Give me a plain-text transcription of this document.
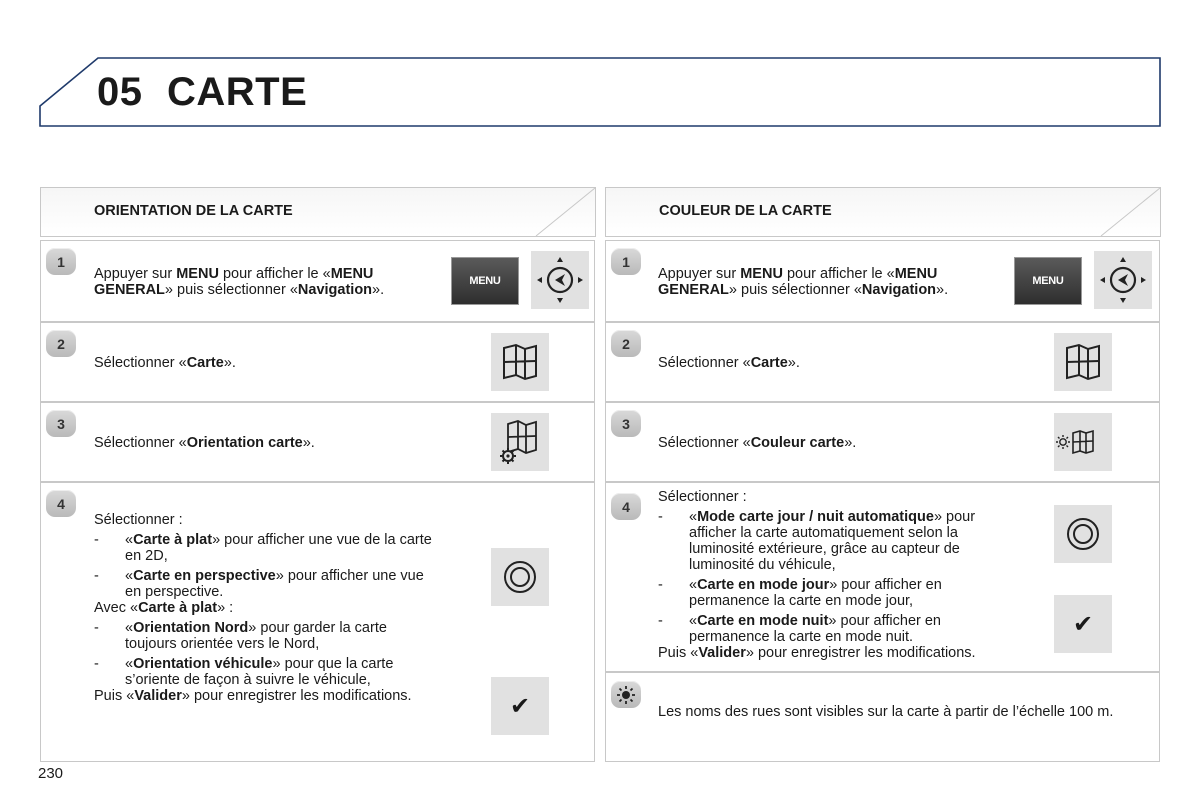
05 CARTE
ORIENTATION DE LA CARTE
1
Appuyer sur MENU pour afficher le «MENU GENERAL» puis sélectionner «Navigation».
MENU
2
Sélectionner «Carte».
3
Sélectionner «Orientation carte».
4
Sélectionner :
- «Carte à plat» pour afficher une vue de la carte en 2D,
- «Carte en perspective» pour afficher une vue en perspective.
Avec «Carte à plat» :
- «Orientation Nord» pour garder la carte toujours orientée vers le Nord,
- «Orientation véhicule» pour que la carte s’oriente de façon à suivre le véhicule,
Puis «Valider» pour enregistrer les modifications.	✔
COULEUR DE LA CARTE
1
Appuyer sur MENU pour afficher le «MENU GENERAL» puis sélectionner «Navigation».
MENU
2
Sélectionner «Carte».
3
Sélectionner «Couleur carte».
4
Sélectionner :
- «Mode carte jour / nuit automatique» pour afficher la carte automatiquement selon la luminosité extérieure, grâce au capteur de luminosité du véhicule,
- «Carte en mode jour» pour afficher en permanence la carte en mode jour,
- «Carte en mode nuit» pour afficher en permanence la carte en mode nuit.
Puis «Valider» pour enregistrer les modifications.
✔
Les noms des rues sont visibles sur la carte à partir de l’échelle 100 m.
230
